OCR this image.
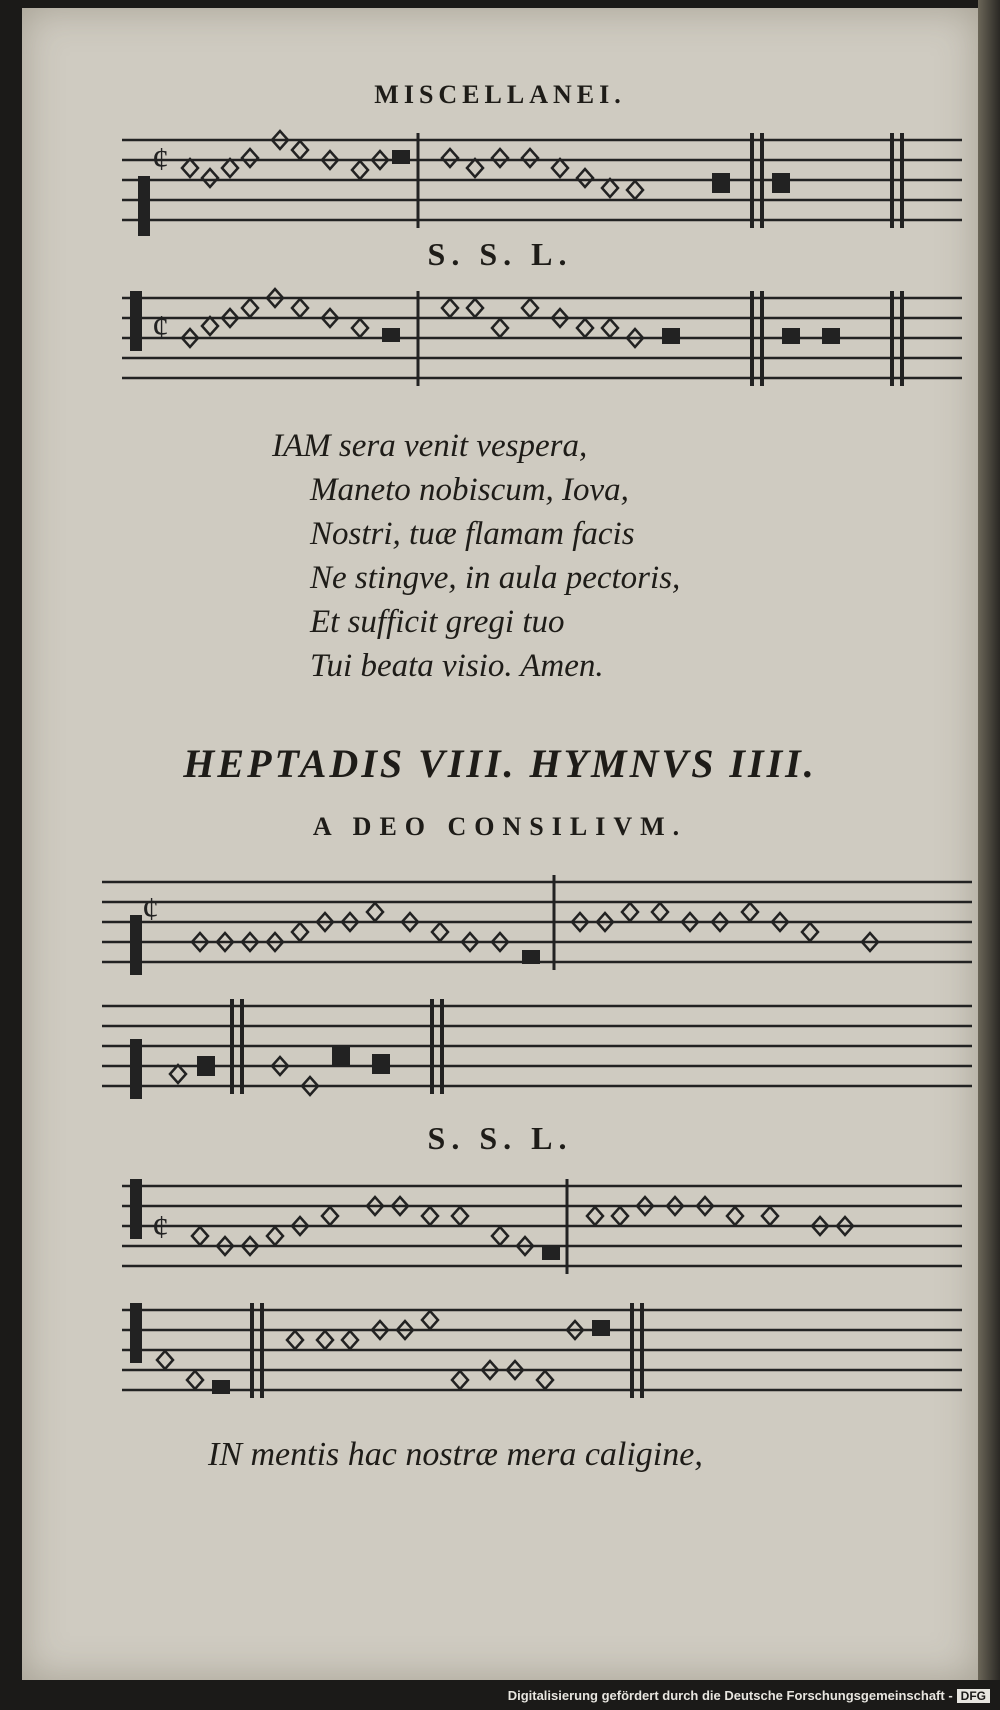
MISCELLANEI.
¢
S. S. L.
¢
IAM sera venit vespera,
Maneto nobiscum, Iova,
Nostri, tuæ flamam facis
Ne stingve, in aula pectoris,
Et sufficit gregi tuo
Tui beata visio. Amen.
HEPTADIS VIII. HYMNVS IIII.
A DEO CONSILIVM.
¢
S. S. L.
¢
IN mentis hac nostræ mera caligine,
Digitalisierung gefördert durch die Deutsche Forschungsgemeinschaft - DFG
